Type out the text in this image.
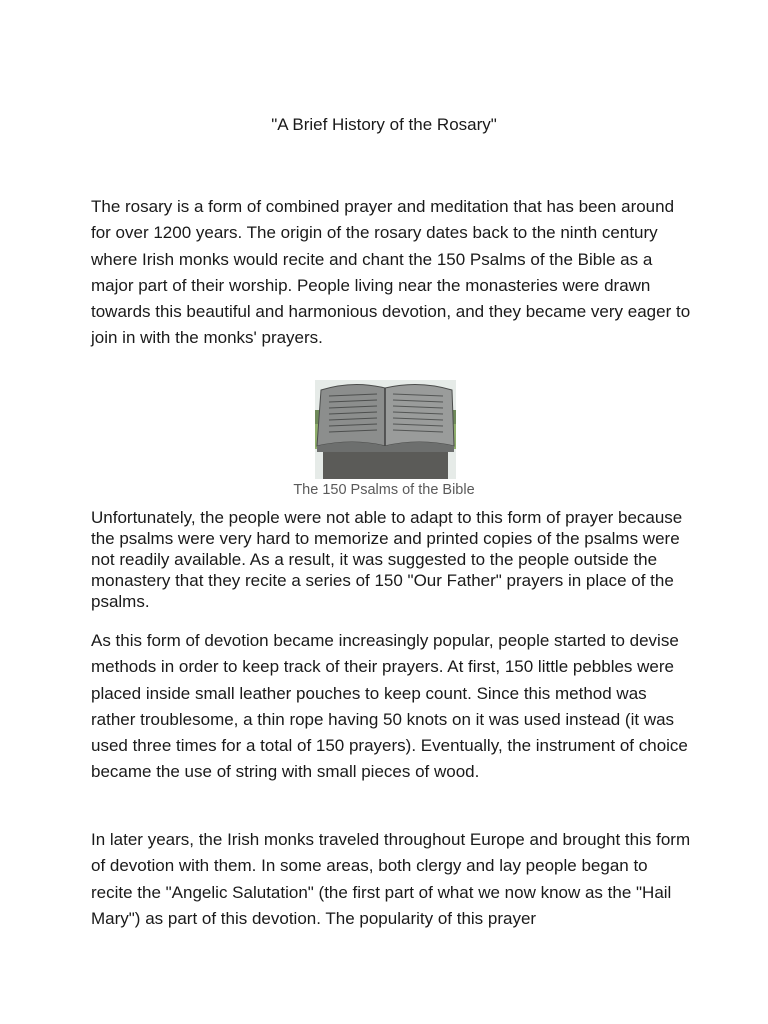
"A Brief History of the Rosary"

The rosary is a form of combined prayer and meditation that has been around for over 1200 years. The origin of the rosary dates back to the ninth century where Irish monks would recite and chant the 150 Psalms of the Bible as a major part of their worship. People living near the monasteries were drawn towards this beautiful and harmonious devotion, and they became very eager to join in with the monks' prayers.

The 150 Psalms of the Bible

Unfortunately, the people were not able to adapt to this form of prayer because the psalms were very hard to memorize and printed copies of the psalms were not readily available. As a result, it was suggested to the people outside the monastery that they recite a series of 150 "Our Father" prayers in place of the psalms.

As this form of devotion became increasingly popular, people started to devise methods in order to keep track of their prayers. At first, 150 little pebbles were placed inside small leather pouches to keep count. Since this method was rather troublesome, a thin rope having 50 knots on it was used instead (it was used three times for a total of 150 prayers). Eventually, the instrument of choice became the use of string with small pieces of wood.

In later years, the Irish monks traveled throughout Europe and brought this form of devotion with them. In some areas, both clergy and lay people began to recite the "Angelic Salutation" (the first part of what we now know as the "Hail Mary") as part of this devotion. The popularity of this prayer
